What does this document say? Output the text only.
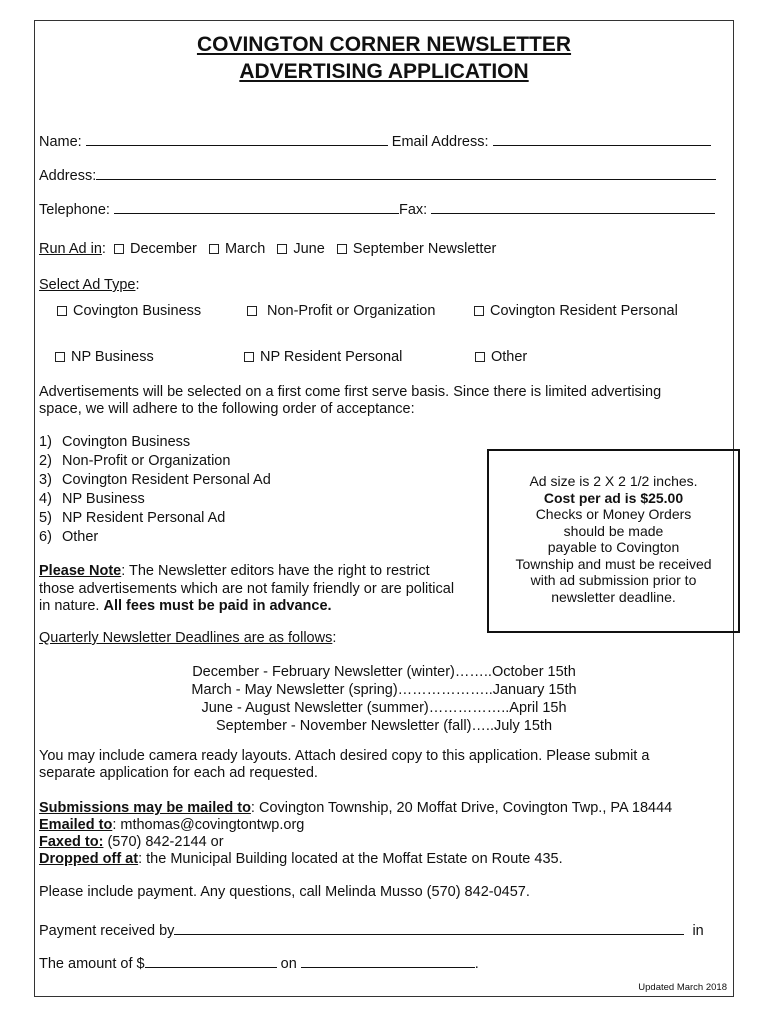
COVINGTON CORNER NEWSLETTER
ADVERTISING APPLICATION
Name:	Email Address:
Address:
Telephone:	Fax:
Run Ad in: December March June September Newsletter
Select Ad Type:
Covington Business	Non-Profit or Organization	Covington Resident Personal
NP Business	NP Resident Personal	Other
Advertisements will be selected on a first come first serve basis. Since there is limited advertising
space, we will adhere to the following order of acceptance:
1) Covington Business
2) Non-Profit or Organization
3) Covington Resident Personal Ad
4) NP Business
5) NP Resident Personal Ad
6) Other
Please Note: The Newsletter editors have the right to restrict
those advertisements which are not family friendly or are political
in nature. All fees must be paid in advance.
Ad size is 2 X 2 1/2 inches.
Cost per ad is $25.00
Checks or Money Orders
should be made
payable to Covington
Township and must be received
with ad submission prior to
newsletter deadline.
Quarterly Newsletter Deadlines are as follows:
December - February Newsletter (winter)……..October 15th
March - May Newsletter (spring)………………..January 15th
June - August Newsletter (summer)……………..April 15h
September - November Newsletter (fall)…..July 15th
You may include camera ready layouts. Attach desired copy to this application. Please submit a
separate application for each ad requested.
Submissions may be mailed to: Covington Township, 20 Moffat Drive, Covington Twp., PA 18444
Emailed to: mthomas@covingtontwp.org
Faxed to: (570) 842-2144 or
Dropped off at: the Municipal Building located at the Moffat Estate on Route 435.
Please include payment. Any questions, call Melinda Musso (570) 842-0457.
Payment received by	in
The amount of $	on	.
Updated March 2018
